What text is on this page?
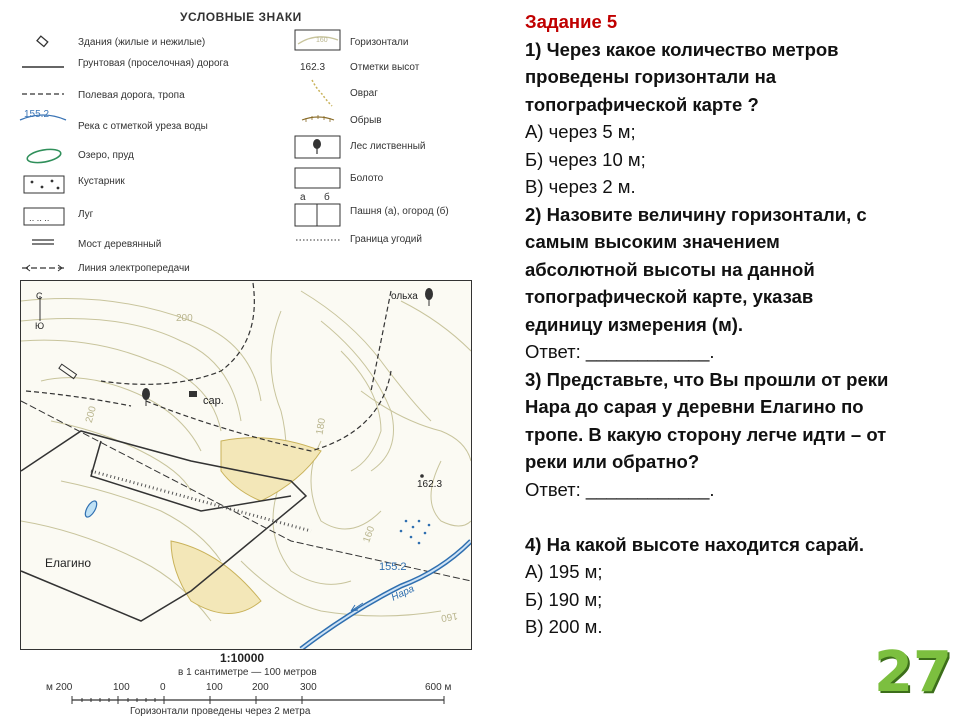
УСЛОВНЫЕ ЗНАКИ
‥ ‥ ‥
155.2
Здания (жилые и нежилые)
Грунтовая (проселочная) дорога
Полевая дорога, тропа
Река с отметкой уреза воды
Озеро, пруд
Кустарник
Луг
Мост деревянный
Линия электропередачи
160
162.3
а б
Горизонтали
Отметки высот
Овраг
Обрыв
Лес лиственный
Болото
Пашня (а), огород (б)
Граница угодий
С
Ю
200
200
180
160
160
сар.
Елагино
ольха
162.3
155.2
Нара
1:10000
в 1 сантиметре — 100 метров
м 200	100	0	100	200	300	600 м
Горизонтали проведены через 2 метра
Задание 5
1) Через какое количество метров
проведены горизонтали на
топографической карте ?
А) через 5 м;
Б) через 10 м;
В) через 2 м.
2) Назовите величину горизонтали, с
самым высоким значением
абсолютной высоты на данной
топографической карте, указав
единицу измерения (м).
Ответ: ____________.
3) Представьте, что Вы прошли от реки
Нара до сарая у деревни Елагино по
тропе. В какую сторону легче идти – от
реки или обратно?
Ответ: ____________.
4) На какой высоте находится сарай.
А) 195 м;
Б) 190 м;
В) 200 м.
27
